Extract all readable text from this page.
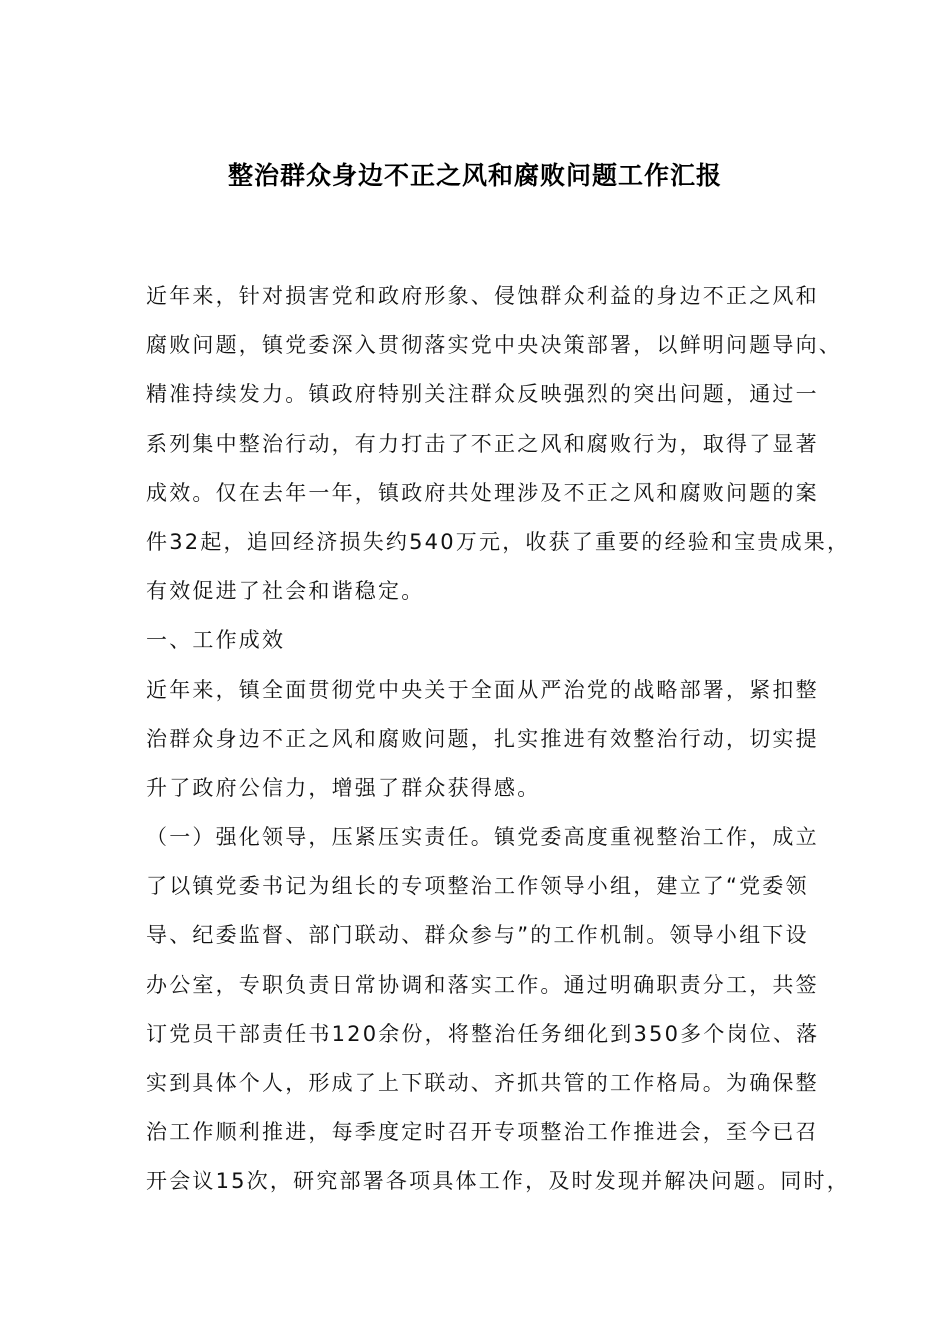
整治群众身边不正之风和腐败问题工作汇报
近年来，针对损害党和政府形象、侵蚀群众利益的身边不正之风和
腐败问题，镇党委深入贯彻落实党中央决策部署，以鲜明问题导向、
精准持续发力。镇政府特别关注群众反映强烈的突出问题，通过一
系列集中整治行动，有力打击了不正之风和腐败行为，取得了显著
成效。仅在去年一年，镇政府共处理涉及不正之风和腐败问题的案
件32起，追回经济损失约540万元，收获了重要的经验和宝贵成果，
有效促进了社会和谐稳定。
一、工作成效
近年来，镇全面贯彻党中央关于全面从严治党的战略部署，紧扣整
治群众身边不正之风和腐败问题，扎实推进有效整治行动，切实提
升了政府公信力，增强了群众获得感。
（一）强化领导，压紧压实责任。镇党委高度重视整治工作，成立
了以镇党委书记为组长的专项整治工作领导小组，建立了“党委领
导、纪委监督、部门联动、群众参与”的工作机制。领导小组下设
办公室，专职负责日常协调和落实工作。通过明确职责分工，共签
订党员干部责任书120余份，将整治任务细化到350多个岗位、落
实到具体个人，形成了上下联动、齐抓共管的工作格局。为确保整
治工作顺利推进，每季度定时召开专项整治工作推进会，至今已召
开会议15次，研究部署各项具体工作，及时发现并解决问题。同时，
